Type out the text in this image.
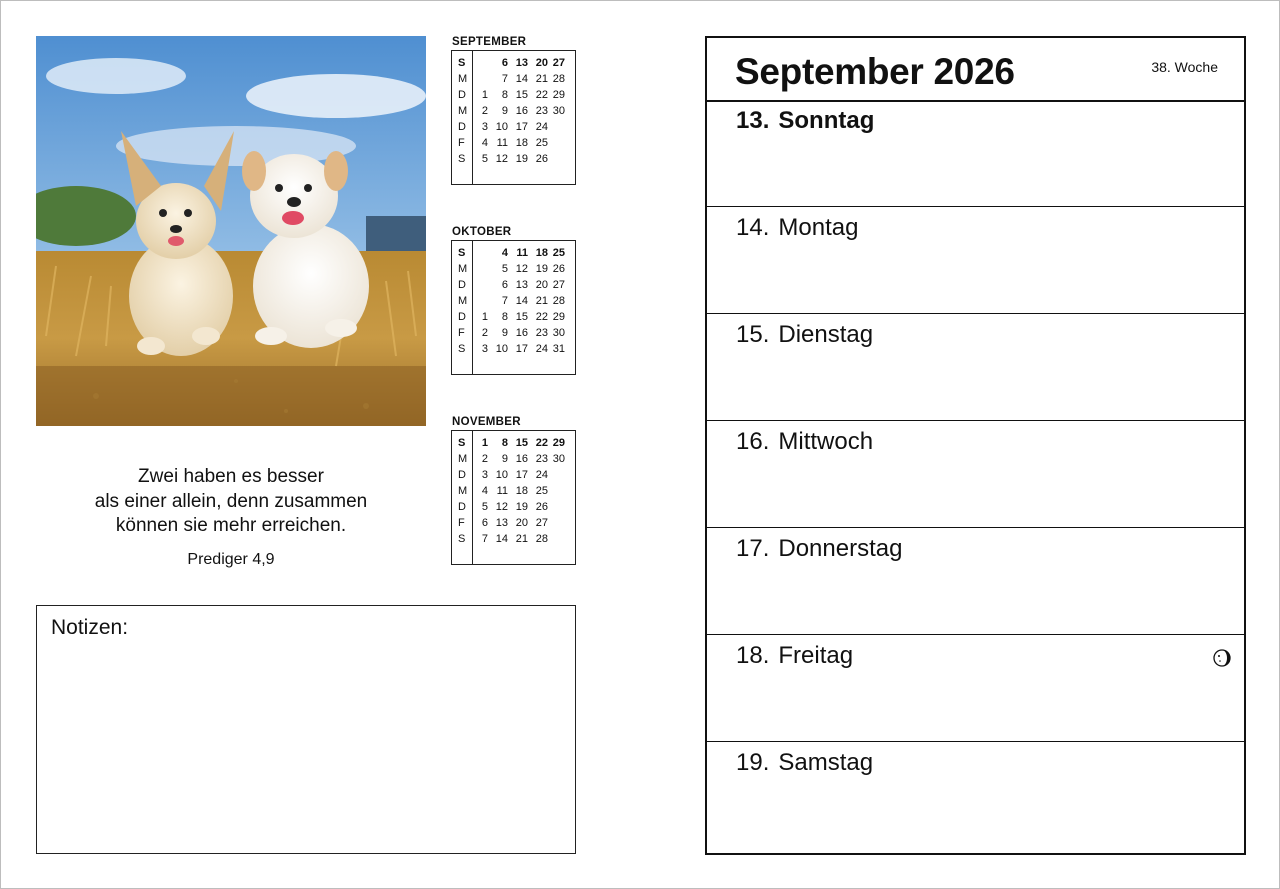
Zwei haben es besser
als einer allein, denn zusammen
können sie mehr erreichen.
Prediger 4,9
SEPTEMBER
S	6 13 20 27
M	7 14 21 28
D	1	8 15 22 29
M	2	9 16 23 30
D	3 10 17 24
F	4 11 18 25
S	5 12 19 26
OKTOBER
S	4 11 18 25
M	5 12 19 26
D	6 13 20 27
M	7 14 21 28
D	1	8 15 22 29
F	2	9 16 23 30
S	3 10 17 24 31
NOVEMBER
S	1	8 15 22 29
M	2	9 16 23 30
D	3 10 17 24
M	4 11 18 25
D	5 12 19 26
F	6 13 20 27
S	7 14 21 28
Notizen:
September 2026	38. Woche
13. Sonntag
14. Montag
15. Dienstag
16. Mittwoch
17. Donnerstag
18. Freitag
19. Samstag
